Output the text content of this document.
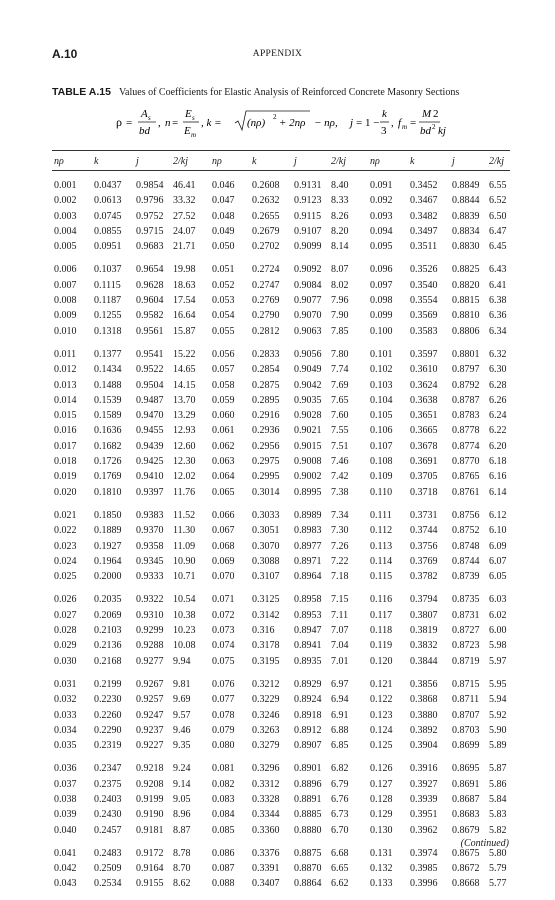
A.10	APPENDIX
TABLE A.15 Values of Coefficients for Elastic Analysis of Reinforced Concrete Masonry Sections
ρ =
A s
bd
, n =
E s
E m
, k = (nρ) 2 + 2nρ − nρ, j = 1 −
k
3
, f m =
M 2
bd 2 kj
nρ	k	j	2/kj	nρ	k	j	2/kj	nρ	k	j	2/kj

0.001	0.0437	0.9854	46.41	0.046	0.2608	0.9131	8.40	0.091	0.3452	0.8849	6.55
0.002	0.0613	0.9796	33.32	0.047	0.2632	0.9123	8.33	0.092	0.3467	0.8844	6.52
0.003	0.0745	0.9752	27.52	0.048	0.2655	0.9115	8.26	0.093	0.3482	0.8839	6.50
0.004	0.0855	0.9715	24.07	0.049	0.2679	0.9107	8.20	0.094	0.3497	0.8834	6.47
0.005	0.0951	0.9683	21.71	0.050	0.2702	0.9099	8.14	0.095	0.3511	0.8830	6.45

0.006	0.1037	0.9654	19.98	0.051	0.2724	0.9092	8.07	0.096	0.3526	0.8825	6.43
0.007	0.1115	0.9628	18.63	0.052	0.2747	0.9084	8.02	0.097	0.3540	0.8820	6.41
0.008	0.1187	0.9604	17.54	0.053	0.2769	0.9077	7.96	0.098	0.3554	0.8815	6.38
0.009	0.1255	0.9582	16.64	0.054	0.2790	0.9070	7.90	0.099	0.3569	0.8810	6.36
0.010	0.1318	0.9561	15.87	0.055	0.2812	0.9063	7.85	0.100	0.3583	0.8806	6.34

0.011	0.1377	0.9541	15.22	0.056	0.2833	0.9056	7.80	0.101	0.3597	0.8801	6.32
0.012	0.1434	0.9522	14.65	0.057	0.2854	0.9049	7.74	0.102	0.3610	0.8797	6.30
0.013	0.1488	0.9504	14.15	0.058	0.2875	0.9042	7.69	0.103	0.3624	0.8792	6.28
0.014	0.1539	0.9487	13.70	0.059	0.2895	0.9035	7.65	0.104	0.3638	0.8787	6.26
0.015	0.1589	0.9470	13.29	0.060	0.2916	0.9028	7.60	0.105	0.3651	0.8783	6.24
0.016	0.1636	0.9455	12.93	0.061	0.2936	0.9021	7.55	0.106	0.3665	0.8778	6.22
0.017	0.1682	0.9439	12.60	0.062	0.2956	0.9015	7.51	0.107	0.3678	0.8774	6.20
0.018	0.1726	0.9425	12.30	0.063	0.2975	0.9008	7.46	0.108	0.3691	0.8770	6.18
0.019	0.1769	0.9410	12.02	0.064	0.2995	0.9002	7.42	0.109	0.3705	0.8765	6.16
0.020	0.1810	0.9397	11.76	0.065	0.3014	0.8995	7.38	0.110	0.3718	0.8761	6.14

0.021	0.1850	0.9383	11.52	0.066	0.3033	0.8989	7.34	0.111	0.3731	0.8756	6.12
0.022	0.1889	0.9370	11.30	0.067	0.3051	0.8983	7.30	0.112	0.3744	0.8752	6.10
0.023	0.1927	0.9358	11.09	0.068	0.3070	0.8977	7.26	0.113	0.3756	0.8748	6.09
0.024	0.1964	0.9345	10.90	0.069	0.3088	0.8971	7.22	0.114	0.3769	0.8744	6.07
0.025	0.2000	0.9333	10.71	0.070	0.3107	0.8964	7.18	0.115	0.3782	0.8739	6.05

0.026	0.2035	0.9322	10.54	0.071	0.3125	0.8958	7.15	0.116	0.3794	0.8735	6.03
0.027	0.2069	0.9310	10.38	0.072	0.3142	0.8953	7.11	0.117	0.3807	0.8731	6.02
0.028	0.2103	0.9299	10.23	0.073	0.316	0.8947	7.07	0.118	0.3819	0.8727	6.00
0.029	0.2136	0.9288	10.08	0.074	0.3178	0.8941	7.04	0.119	0.3832	0.8723	5.98
0.030	0.2168	0.9277	9.94	0.075	0.3195	0.8935	7.01	0.120	0.3844	0.8719	5.97

0.031	0.2199	0.9267	9.81	0.076	0.3212	0.8929	6.97	0.121	0.3856	0.8715	5.95
0.032	0.2230	0.9257	9.69	0.077	0.3229	0.8924	6.94	0.122	0.3868	0.8711	5.94
0.033	0.2260	0.9247	9.57	0.078	0.3246	0.8918	6.91	0.123	0.3880	0.8707	5.92
0.034	0.2290	0.9237	9.46	0.079	0.3263	0.8912	6.88	0.124	0.3892	0.8703	5.90
0.035	0.2319	0.9227	9.35	0.080	0.3279	0.8907	6.85	0.125	0.3904	0.8699	5.89

0.036	0.2347	0.9218	9.24	0.081	0.3296	0.8901	6.82	0.126	0.3916	0.8695	5.87
0.037	0.2375	0.9208	9.14	0.082	0.3312	0.8896	6.79	0.127	0.3927	0.8691	5.86
0.038	0.2403	0.9199	9.05	0.083	0.3328	0.8891	6.76	0.128	0.3939	0.8687	5.84
0.039	0.2430	0.9190	8.96	0.084	0.3344	0.8885	6.73	0.129	0.3951	0.8683	5.83
0.040	0.2457	0.9181	8.87	0.085	0.3360	0.8880	6.70	0.130	0.3962	0.8679	5.82

0.041	0.2483	0.9172	8.78	0.086	0.3376	0.8875	6.68	0.131	0.3974	0.8675	5.80
0.042	0.2509	0.9164	8.70	0.087	0.3391	0.8870	6.65	0.132	0.3985	0.8672	5.79
0.043	0.2534	0.9155	8.62	0.088	0.3407	0.8864	6.62	0.133	0.3996	0.8668	5.77
(Continued)
